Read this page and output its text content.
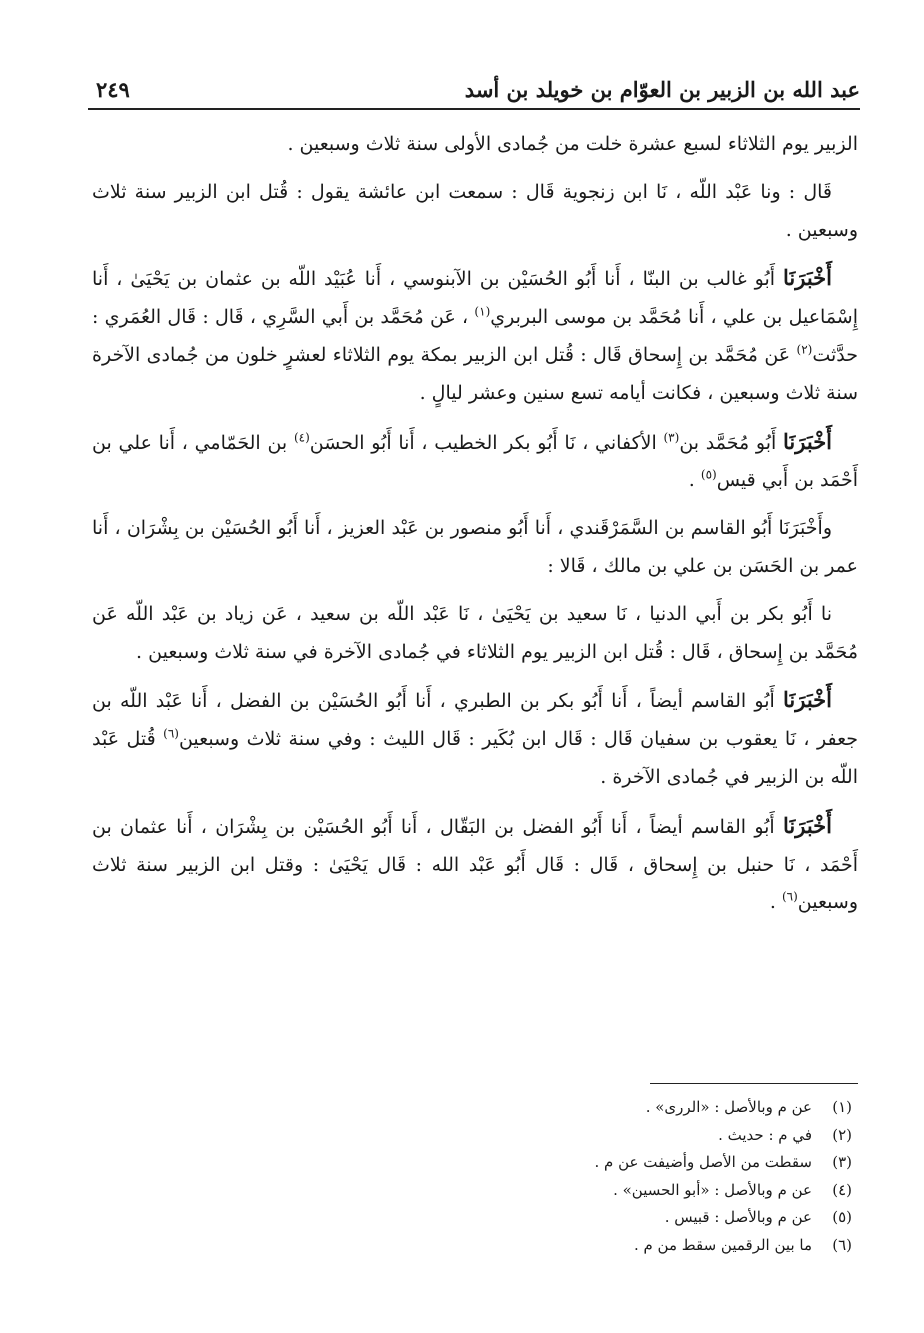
٢٤٩	عبد الله بن الزبير بن العوّام بن خويلد بن أسد

الزبير يوم الثلاثاء لسبع عشرة خلت من جُمادى الأولى سنة ثلاث وسبعين .

قَال : ونا عَبْد اللّه ، نَا ابن زنجوية قَال : سمعت ابن عائشة يقول : قُتل ابن الزبير سنة ثلاث وسبعين .

أَخْبَرَنَا أَبُو غالب بن البنّا ، أَنا أَبُو الحُسَيْن بن الآبنوسي ، أَنا عُبَيْد اللّه بن عثمان بن يَحْيَىٰ ، أَنا إِسْمَاعيل بن علي ، أَنا مُحَمَّد بن موسى البربري$^{(١)}$ ، عَن مُحَمَّد بن أَبي السَّرِي ، قَال : قَال العُمَري : حدَّثت$^{(٢)}$ عَن مُحَمَّد بن إِسحاق قَال : قُتل ابن الزبير بمكة يوم الثلاثاء لعشرٍ خلون من جُمادى الآخرة سنة ثلاث وسبعين ، فكانت أيامه تسع سنين وعشر ليالٍ .

أَخْبَرَنَا أَبُو مُحَمَّد بن$^{(٣)}$ الأكفاني ، نَا أَبُو بكر الخطيب ، أَنا أَبُو الحسَن$^{(٤)}$ بن الحَمّامي ، أَنا علي بن أَحْمَد بن أَبي قيس$^{(٥)}$ .

وأَخْبَرَنَا أَبُو القاسم بن السَّمَرْقَندي ، أَنا أَبُو منصور بن عَبْد العزيز ، أَنا أَبُو الحُسَيْن بن بِشْرَان ، أَنا عمر بن الحَسَن بن علي بن مالك ، قَالا :

نا أَبُو بكر بن أَبي الدنيا ، نَا سعيد بن يَحْيَىٰ ، نَا عَبْد اللّه بن سعيد ، عَن زياد بن عَبْد اللّه عَن مُحَمَّد بن إِسحاق ، قَال : قُتل ابن الزبير يوم الثلاثاء في جُمادى الآخرة في سنة ثلاث وسبعين .

أَخْبَرَنَا أَبُو القاسم أيضاً ، أَنا أَبُو بكر بن الطبري ، أَنا أَبُو الحُسَيْن بن الفضل ، أَنا عَبْد اللّه بن جعفر ، نَا يعقوب بن سفيان قَال : قَال ابن بُكَير : قَال الليث : وفي سنة ثلاث وسبعين$^{(٦)}$ قُتل عَبْد اللّه بن الزبير في جُمادى الآخرة .

أَخْبَرَنَا أَبُو القاسم أيضاً ، أَنا أَبُو الفضل بن البَقّال ، أَنا أَبُو الحُسَيْن بن بِشْرَان ، أَنا عثمان بن أَحْمَد ، نَا حنبل بن إِسحاق ، قَال : قَال أَبُو عَبْد الله : قَال يَحْيَىٰ : وقتل ابن الزبير سنة ثلاث وسبعين$^{(٦)}$ .

(١)
عن م وبالأصل : «الررى» .
(٢)
في م : حديث .
(٣)
سقطت من الأصل وأضيفت عن م .
(٤)
عن م وبالأصل : «أبو الحسين» .
(٥)
عن م وبالأصل : قبيس .
(٦)
ما بين الرقمين سقط من م .
